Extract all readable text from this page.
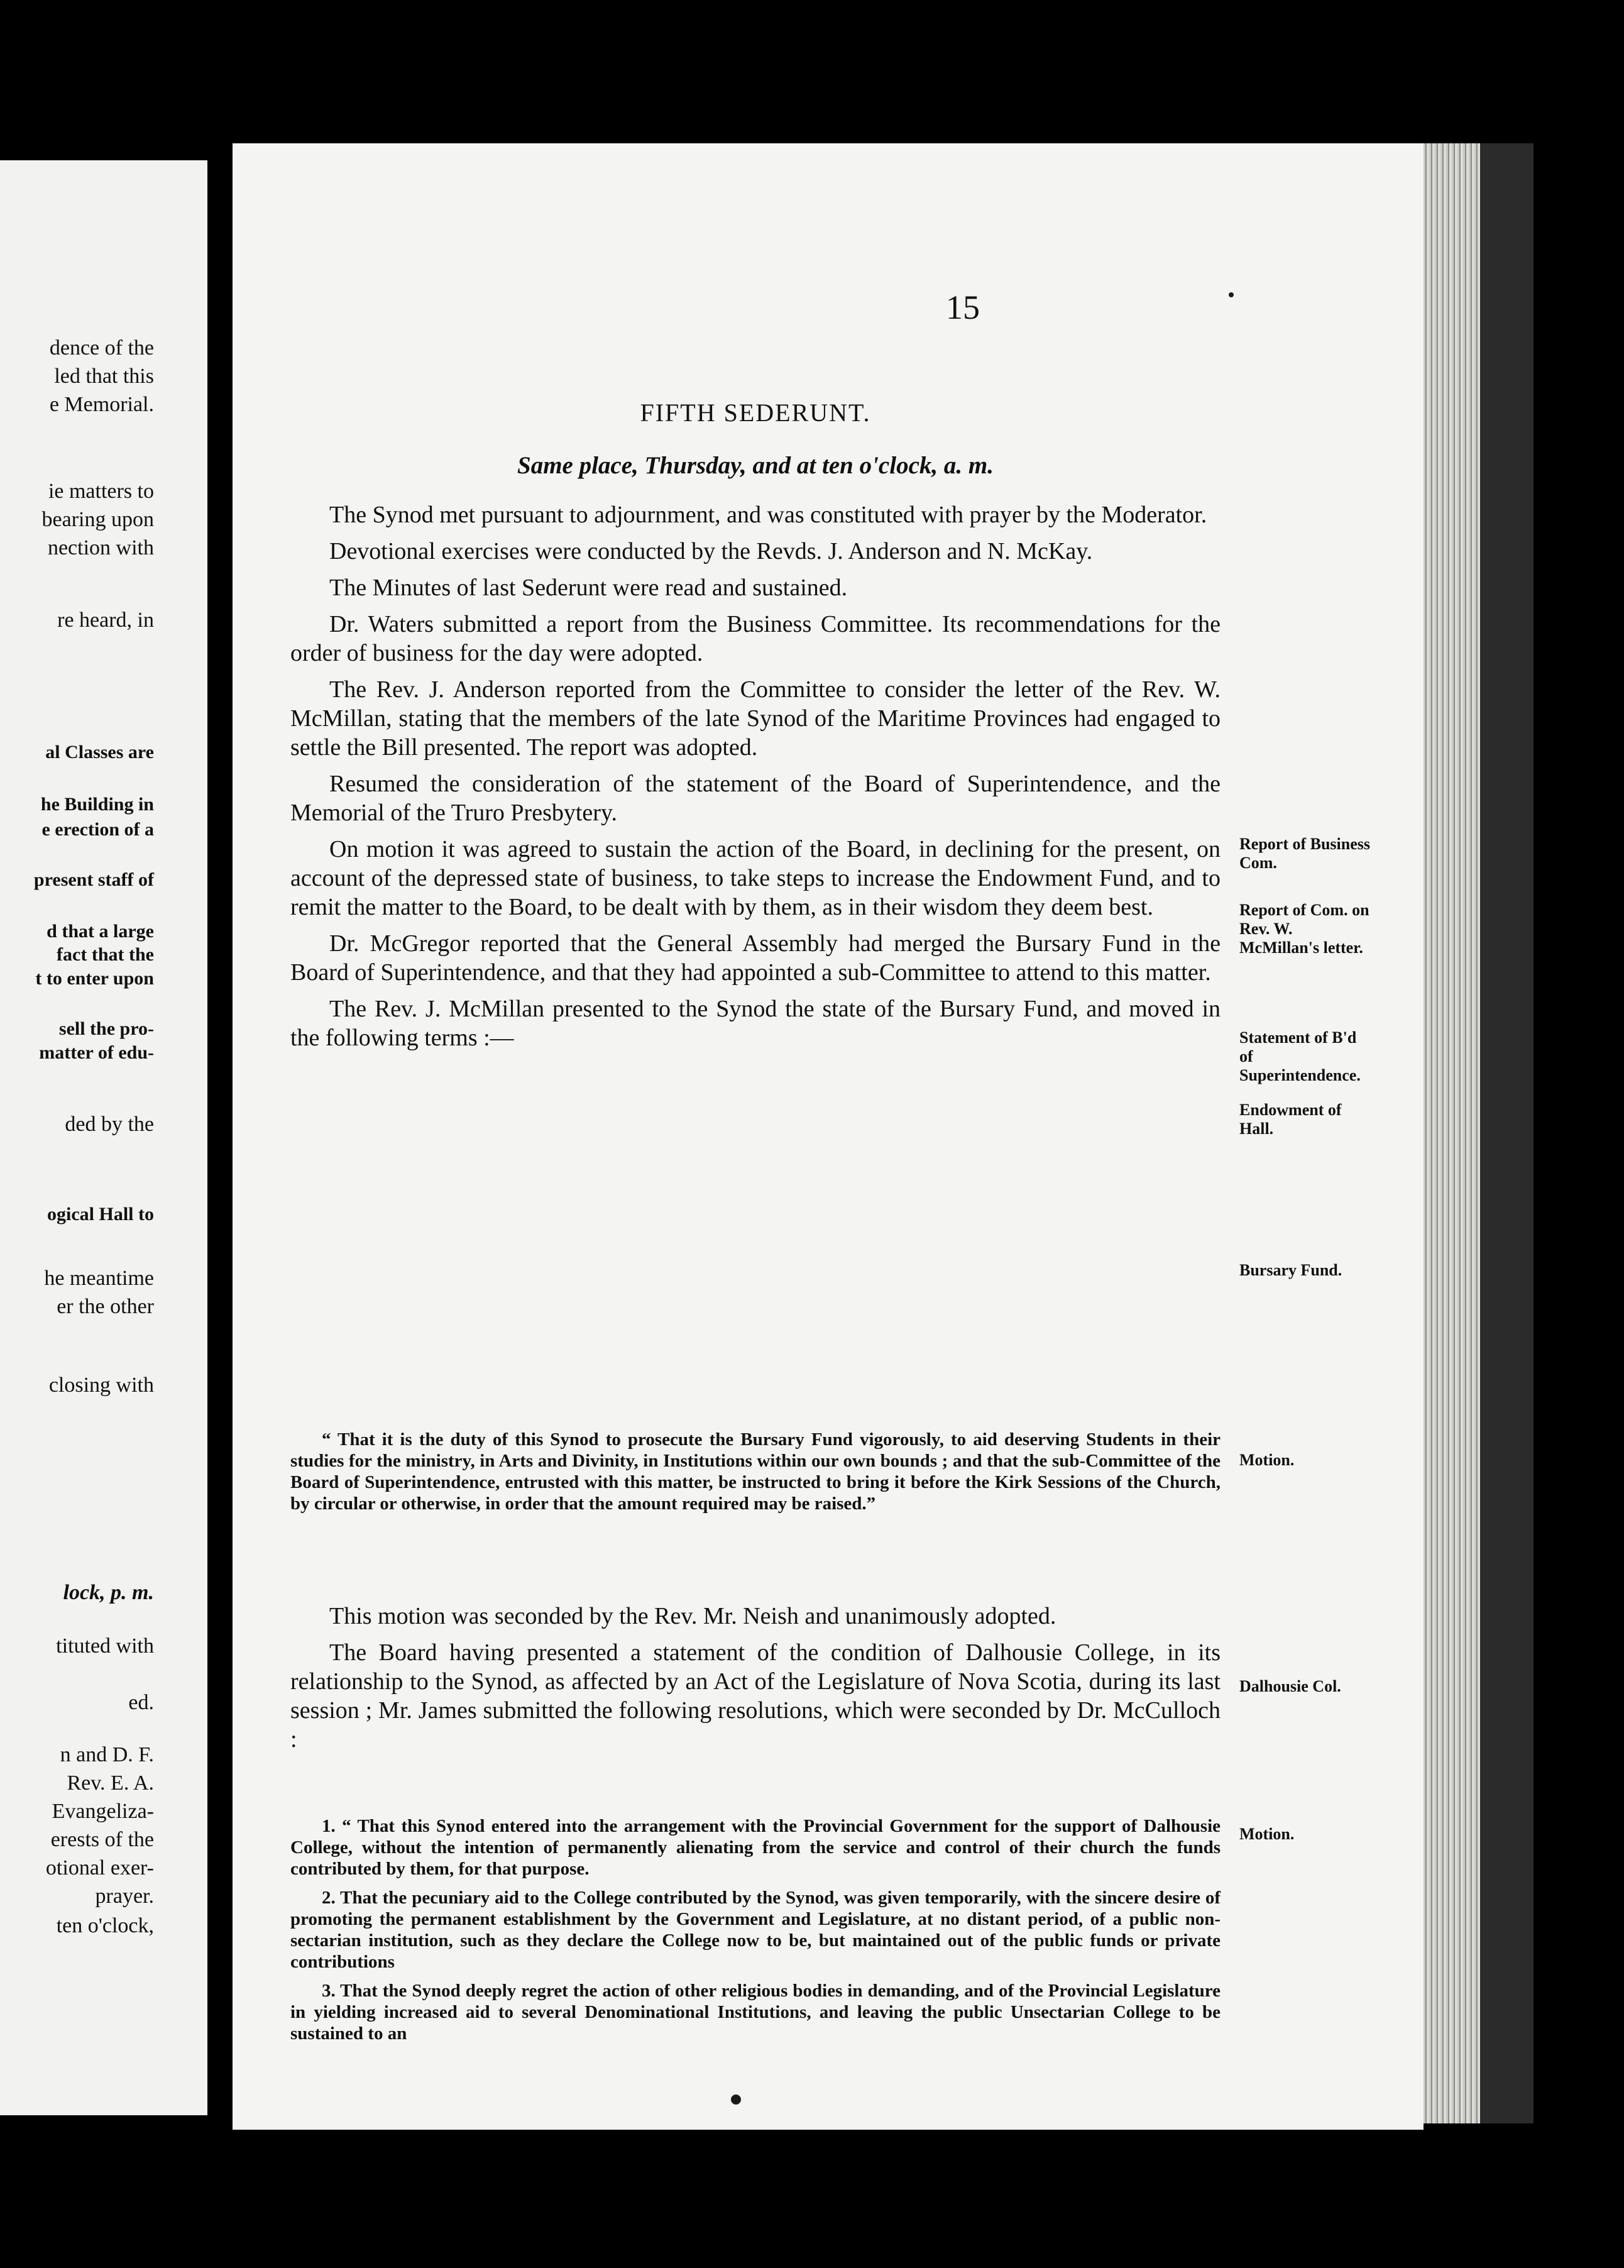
dence of the
led that this
e Memorial.
ie matters to
bearing upon
nection with
re heard, in
al Classes are
he Building in
e erection of a
present staff of
d that a large
fact that the
t to enter upon
sell the pro-
matter of edu-
ded by the
ogical Hall to
he meantime
er the other
closing with
lock, p. m.
tituted with
ed.
n and D. F.
Rev. E. A.
Evangeliza-
erests of the
otional exer-
prayer.
ten o'clock,
15
FIFTH SEDERUNT.
Same place, Thursday, and at ten o'clock, a. m.

The Synod met pursuant to adjournment, and was constituted with prayer by the Moderator.

Devotional exercises were conducted by the Revds. J. Anderson and N. McKay.

The Minutes of last Sederunt were read and sustained.

Dr. Waters submitted a report from the Business Committee. Its recommendations for the order of business for the day were adopted.

The Rev. J. Anderson reported from the Committee to consider the letter of the Rev. W. McMillan, stating that the members of the late Synod of the Maritime Provinces had engaged to settle the Bill presented. The report was adopted.

Resumed the consideration of the statement of the Board of Superintendence, and the Memorial of the Truro Presbytery.

On motion it was agreed to sustain the action of the Board, in declining for the present, on account of the depressed state of business, to take steps to increase the Endowment Fund, and to remit the matter to the Board, to be dealt with by them, as in their wisdom they deem best.

Dr. McGregor reported that the General Assembly had merged the Bursary Fund in the Board of Superintendence, and that they had appointed a sub-Committee to attend to this matter.

The Rev. J. McMillan presented to the Synod the state of the Bursary Fund, and moved in the following terms :—

“ That it is the duty of this Synod to prosecute the Bursary Fund vigorously, to aid deserving Students in their studies for the ministry, in Arts and Divinity, in Institutions within our own bounds ; and that the sub-Committee of the Board of Superintendence, entrusted with this matter, be instructed to bring it before the Kirk Sessions of the Church, by circular or otherwise, in order that the amount required may be raised.”

This motion was seconded by the Rev. Mr. Neish and unanimously adopted.

The Board having presented a statement of the condition of Dalhousie College, in its relationship to the Synod, as affected by an Act of the Legislature of Nova Scotia, during its last session ; Mr. James submitted the following resolutions, which were seconded by Dr. McCulloch :

1. “ That this Synod entered into the arrangement with the Provincial Government for the support of Dalhousie College, without the intention of permanently alienating from the service and control of their church the funds contributed by them, for that purpose.

2. That the pecuniary aid to the College contributed by the Synod, was given temporarily, with the sincere desire of promoting the permanent establishment by the Government and Legislature, at no distant period, of a public non-sectarian institution, such as they declare the College now to be, but maintained out of the public funds or private contributions

3. That the Synod deeply regret the action of other religious bodies in demanding, and of the Provincial Legislature in yielding increased aid to several Denominational Institutions, and leaving the public Unsectarian College to be sustained to an

Report of Business Com.
Report of Com. on Rev. W. McMillan's letter.
Statement of B'd of Superintendence.
Endowment of Hall.
Bursary Fund.
Motion.
Dalhousie Col.
Motion.
